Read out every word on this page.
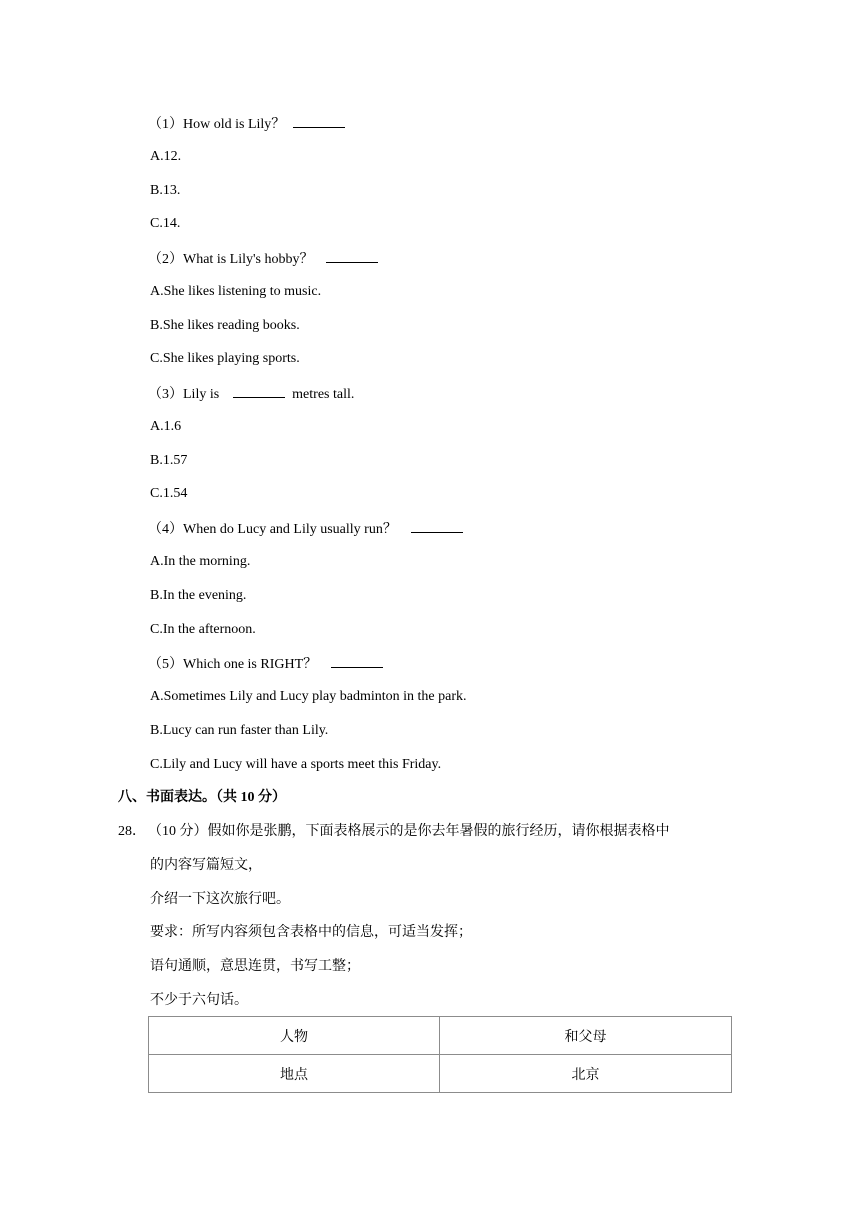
（1）How old is Lily？
A.12.
B.13.
C.14.
（2）What is Lily's hobby？
A.She likes listening to music.
B.She likes reading books.
C.She likes playing sports.
（3）Lily is	metres tall.
A.1.6
B.1.57
C.1.54
（4）When do Lucy and Lily usually run？
A.In the morning.
B.In the evening.
C.In the afternoon.
（5）Which one is RIGHT？
A.Sometimes Lily and Lucy play badminton in the park.
B.Lucy can run faster than Lily.
C.Lily and Lucy will have a sports meet this Friday.
八、书面表达。（共 10 分）
28． （10 分）假如你是张鹏，下面表格展示的是你去年暑假的旅行经历，请你根据表格中
的内容写篇短文，
介绍一下这次旅行吧。
要求：所写内容须包含表格中的信息，可适当发挥；
语句通顺，意思连贯，书写工整；
不少于六句话。
人物	和父母
地点	北京
